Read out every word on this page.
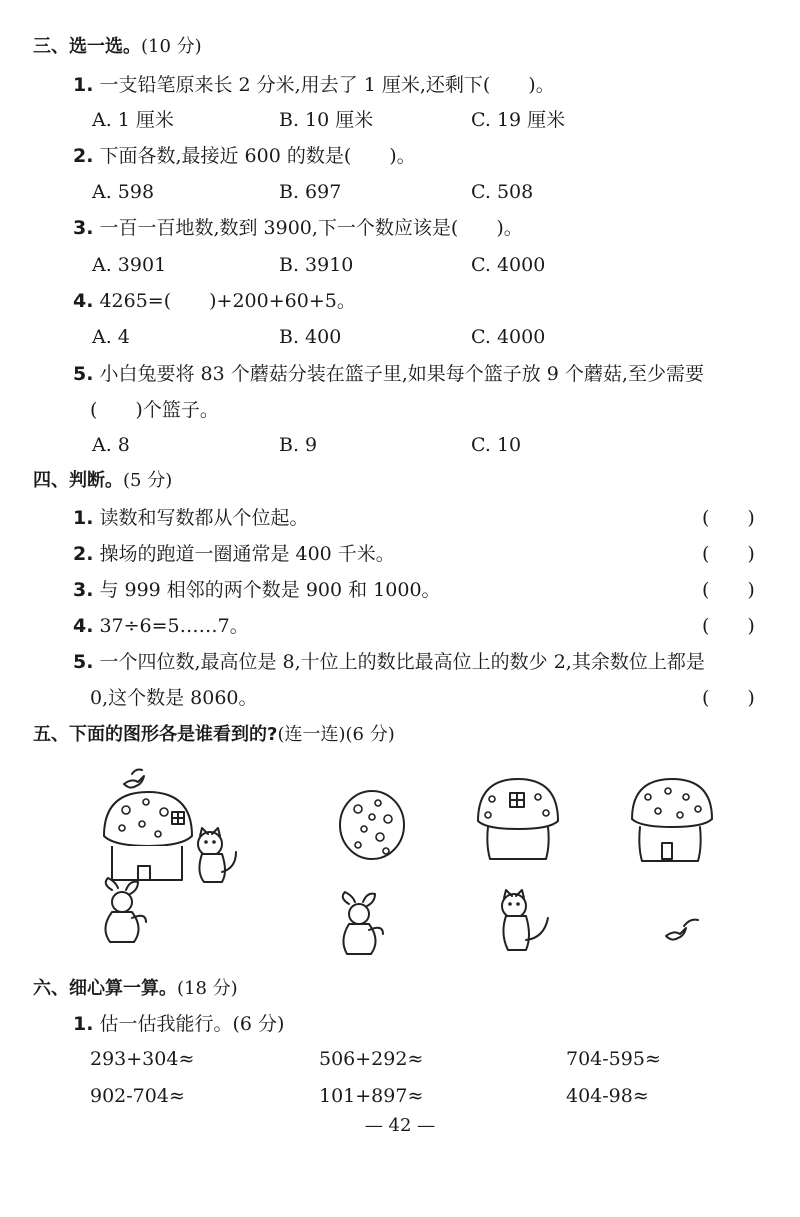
三、选一选。(10 分)
1. 一支铅笔原来长 2 分米,用去了 1 厘米,还剩下(　　)。
A. 1 厘米	B. 10 厘米	C. 19 厘米
2. 下面各数,最接近 600 的数是(　　)。
A. 598	B. 697	C. 508
3. 一百一百地数,数到 3900,下一个数应该是(　　)。
A. 3901	B. 3910	C. 4000
4. 4265=(　　)+200+60+5。
A. 4	B. 400	C. 4000
5. 小白兔要将 83 个蘑菇分装在篮子里,如果每个篮子放 9 个蘑菇,至少需要
(　　)个篮子。
A. 8	B. 9	C. 10
四、判断。(5 分)
1. 读数和写数都从个位起。	(　　)
2. 操场的跑道一圈通常是 400 千米。	(　　)
3. 与 999 相邻的两个数是 900 和 1000。	(　　)
4. 37÷6=5……7。	(　　)
5. 一个四位数,最高位是 8,十位上的数比最高位上的数少 2,其余数位上都是
0,这个数是 8060。	(　　)
五、下面的图形各是谁看到的?(连一连)(6 分)
六、细心算一算。(18 分)
1. 估一估我能行。(6 分)
293+304≈	506+292≈	704-595≈
902-704≈	101+897≈	404-98≈
— 42 —
